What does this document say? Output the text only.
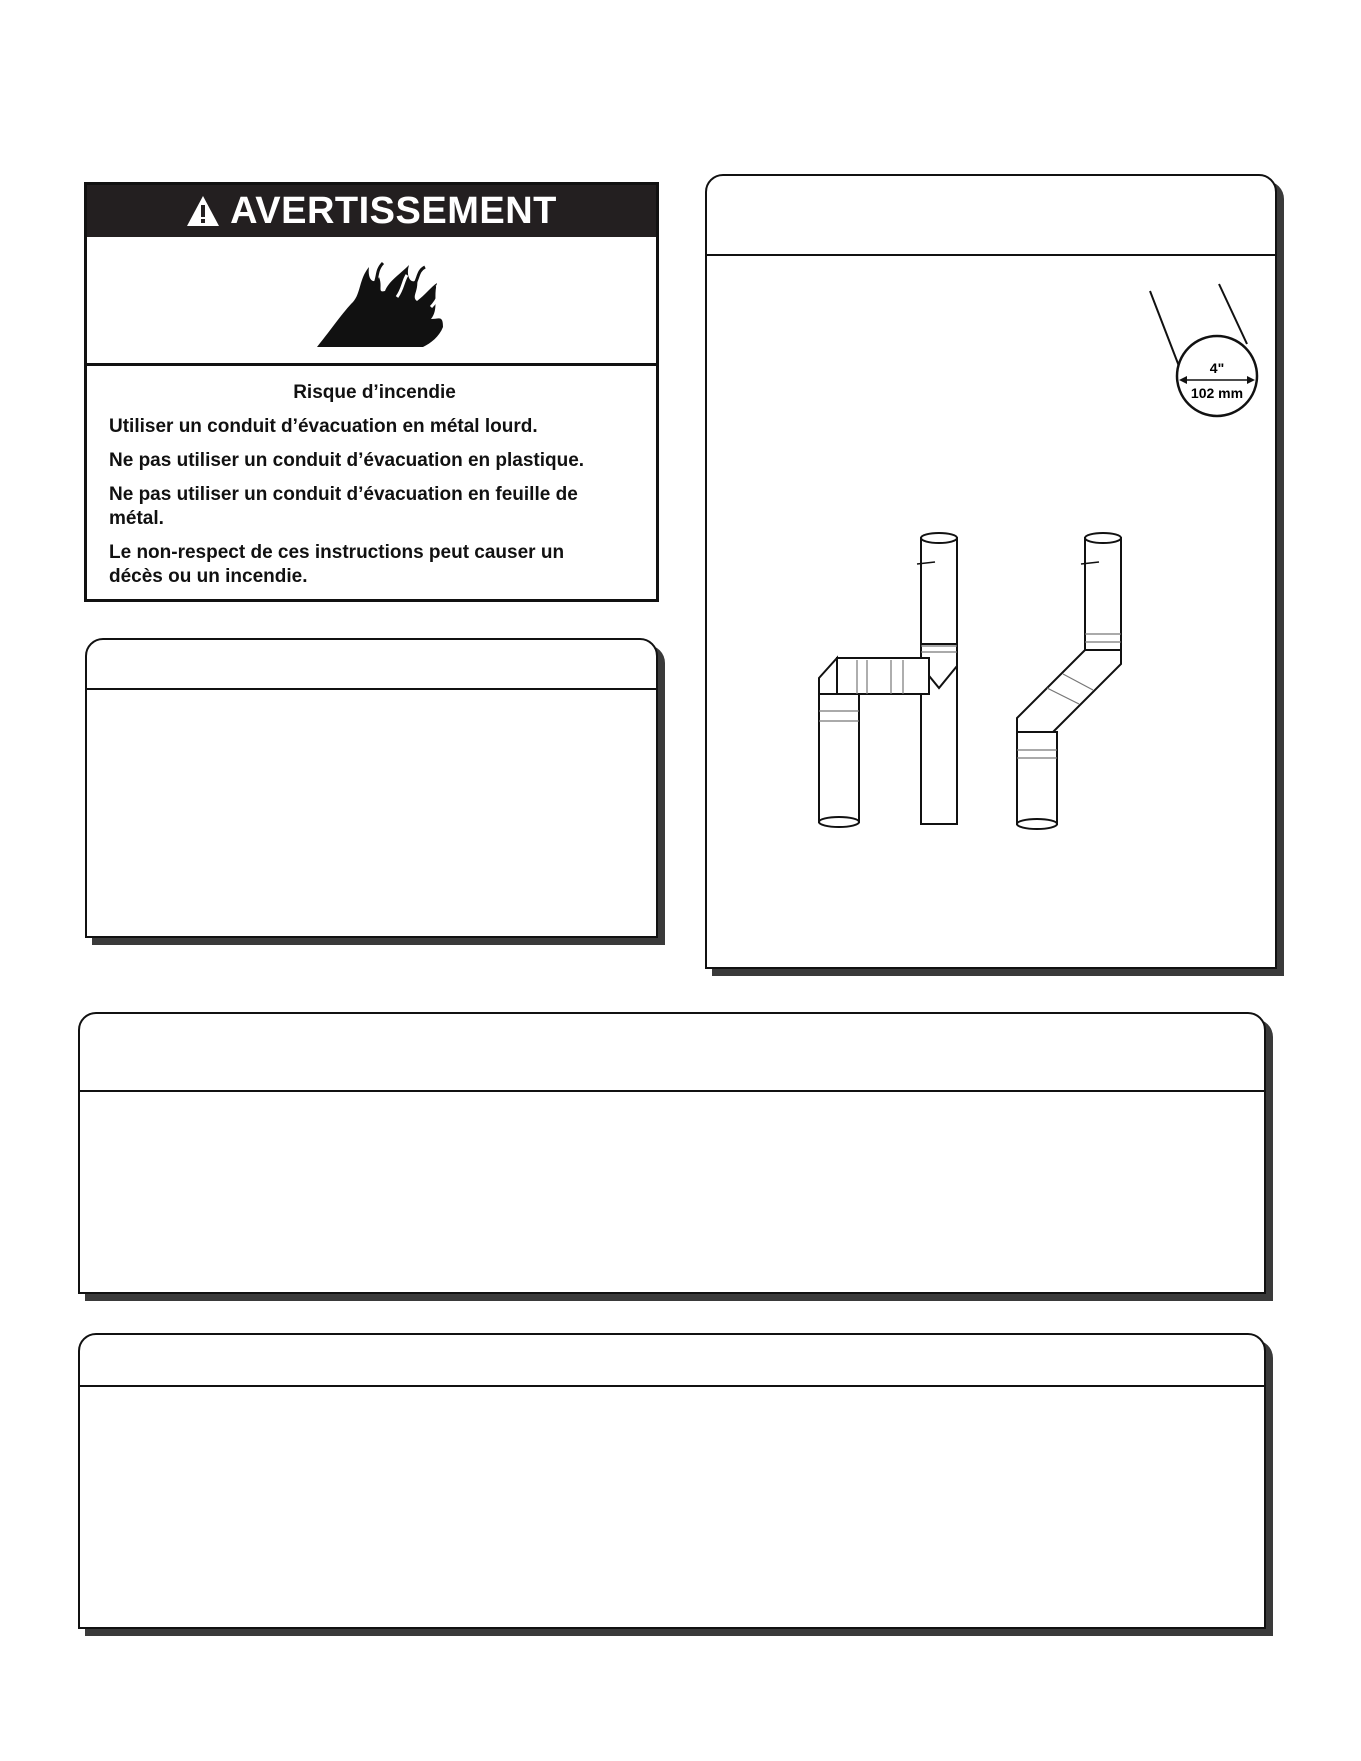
AVERTISSEMENT

Risque d’incendie

Utiliser un conduit d’évacuation en métal lourd.

Ne pas utiliser un conduit d’évacuation en plastique.

Ne pas utiliser un conduit d’évacuation en feuille de métal.

Le non-respect de ces instructions peut causer un décès ou un incendie.

4"
102 mm
